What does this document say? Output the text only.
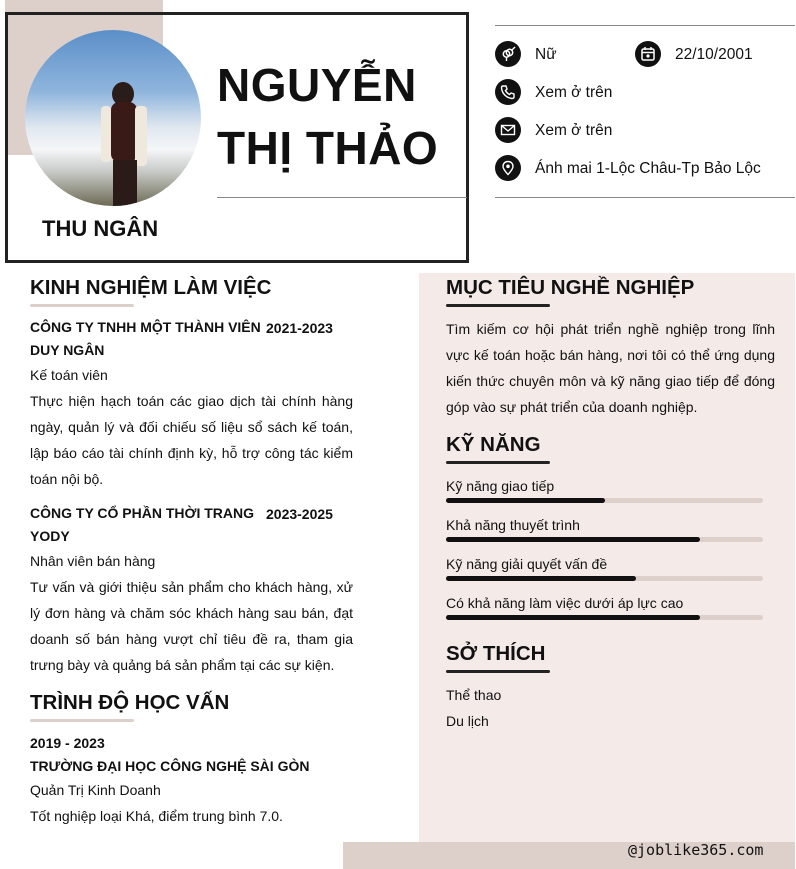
NGUYỄN
THỊ THẢO
THU NGÂN
Nữ	22/10/2001
Xem ở trên
Xem ở trên
Ánh mai 1-Lộc Châu-Tp Bảo Lộc
KINH NGHIỆM LÀM VIỆC
CÔNG TY TNHH MỘT THÀNH VIÊN
DUY NGÂN
2021-2023
Kế toán viên
Thực hiện hạch toán các giao dịch tài chính hàng ngày, quản lý và đối chiếu số liệu sổ sách kế toán, lập báo cáo tài chính định kỳ, hỗ trợ công tác kiểm toán nội bộ.
CÔNG TY CỔ PHẦN THỜI TRANG
YODY
2023-2025
Nhân viên bán hàng
Tư vấn và giới thiệu sản phẩm cho khách hàng, xử lý đơn hàng và chăm sóc khách hàng sau bán, đạt doanh số bán hàng vượt chỉ tiêu đề ra, tham gia trưng bày và quảng bá sản phẩm tại các sự kiện.
TRÌNH ĐỘ HỌC VẤN
2019 - 2023
TRƯỜNG ĐẠI HỌC CÔNG NGHỆ SÀI GÒN
Quản Trị Kinh Doanh
Tốt nghiệp loại Khá, điểm trung bình 7.0.
MỤC TIÊU NGHỀ NGHIỆP
Tìm kiếm cơ hội phát triển nghề nghiệp trong lĩnh vực kế toán hoặc bán hàng, nơi tôi có thể ứng dụng kiến thức chuyên môn và kỹ năng giao tiếp để đóng góp vào sự phát triển của doanh nghiệp.
KỸ NĂNG
Kỹ năng giao tiếp
Khả năng thuyết trình
Kỹ năng giải quyết vấn đề
Có khả năng làm việc dưới áp lực cao
SỞ THÍCH
Thể thao
Du lịch
@joblike365.com
